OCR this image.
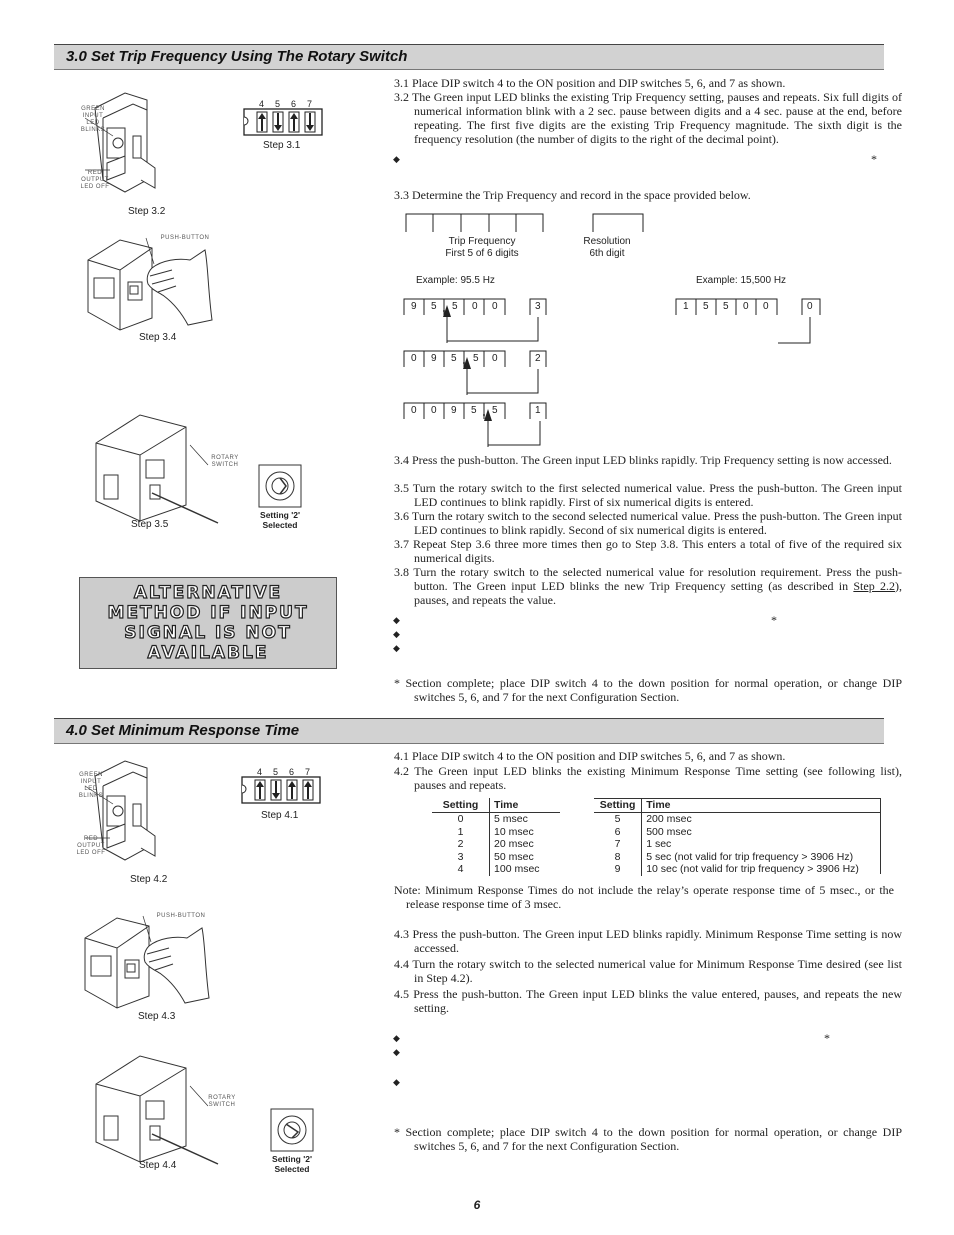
3.0 Set Trip Frequency Using The Rotary Switch
GREEN INPUT LED BLINKS
RED OUTPUT LED OFF
4 5 6 7
Step 3.1
Step 3.2
PUSH-BUTTON
Step 3.4
ROTARY SWITCH
Setting '2' Selected
Step 3.5
ALTERNATIVE
METHOD IF INPUT
SIGNAL IS NOT
AVAILABLE
3.1 Place DIP switch 4 to the ON position and DIP switches 5, 6, and 7 as shown.
3.2 The Green input LED blinks the existing Trip Frequency setting, pauses and repeats. Six full digits of numerical information blink with a 2 sec. pause between digits and a 4 sec. pause at the end, before repeating. The first five digits are the existing Trip Frequency magnitude. The sixth digit is the frequency resolution (the number of digits to the right of the decimal point).
◆	*
3.3 Determine the Trip Frequency and record in the space provided below.
Trip Frequency
First 5 of 6 digits
Resolution
6th digit
Example: 95.5 Hz	Example: 15,500 Hz
9 5 5 0 0	3
0 9 5 5 0	2
0 0 9 5 5	1
1 5 5 0 0	0
3.4 Press the push-button. The Green input LED blinks rapidly. Trip Frequency setting is now accessed.
3.5 Turn the rotary switch to the first selected numerical value. Press the push-button. The Green input LED continues to blink rapidly. First of six numerical digits is entered.
3.6 Turn the rotary switch to the second selected numerical value. Press the push-button. The Green input LED continues to blink rapidly. Second of six numerical digits is entered.
3.7 Repeat Step 3.6 three more times then go to Step 3.8. This enters a total of five of the required six numerical digits.
3.8 Turn the rotary switch to the selected numerical value for resolution requirement. Press the push-button. The Green input LED blinks the new Trip Frequency setting (as described in Step 2.2), pauses, and repeats the value.
◆	*
◆
◆
* Section complete; place DIP switch 4 to the down position for normal operation, or change DIP switches 5, 6, and 7 for the next Configuration Section.
4.0 Set Minimum Response Time
GREEN INPUT LED BLINKS
RED OUTPUT LED OFF
4 5 6 7
Step 4.1
Step 4.2
PUSH-BUTTON
Step 4.3
ROTARY SWITCH
Setting '2' Selected
Step 4.4
4.1 Place DIP switch 4 to the ON position and DIP switches 5, 6, and 7 as shown.
4.2 The Green input LED blinks the existing Minimum Response Time setting (see following list), pauses and repeats.
Setting	Time
0	5 msec
1	10 msec
2	20 msec
3	50 msec
4	100 msec
Setting	Time
5	200 msec
6	500 msec
7	1 sec
8	5 sec (not valid for trip frequency > 3906 Hz)
9	10 sec (not valid for trip frequency > 3906 Hz)
Note: Minimum Response Times do not include the relay’s operate response time of 5 msec., or the release response time of 3 msec.
4.3 Press the push-button. The Green input LED blinks rapidly. Minimum Response Time setting is now accessed.
4.4 Turn the rotary switch to the selected numerical value for Minimum Response Time desired (see list in Step 4.2).
4.5 Press the push-button. The Green input LED blinks the value entered, pauses, and repeats the new setting.
◆	*
◆
◆
* Section complete; place DIP switch 4 to the down position for normal operation, or change DIP switches 5, 6, and 7 for the next Configuration Section.
6
